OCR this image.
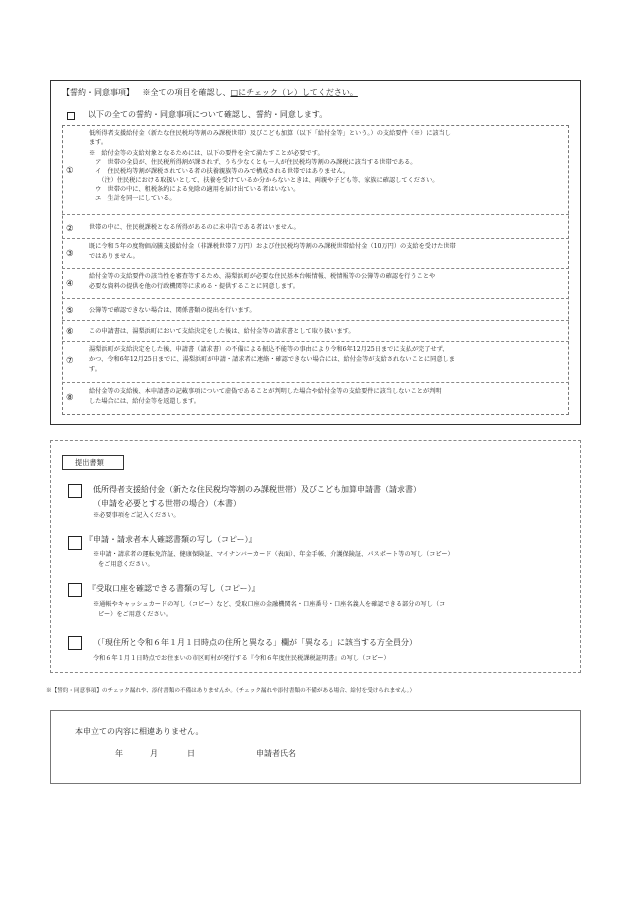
【誓約・同意事項】 ※全ての項目を確認し、□にチェック（レ）してください。
以下の全ての誓約・同意事項について確認し、誓約・同意します。
①
低所得者支援給付金（新たな住民税均等割のみ課税世帯）及びこども加算（以下「給付金等」という。）の支給要件（※）に該当し
ます。
※　給付金等の支給対象となるためには、以下の要件を全て満たすことが必要です。
　ア　世帯の全員が、住民税所得割が課されず、うち少なくとも一人が住民税均等割のみ課税に該当する世帯である。
　イ　住民税均等割が課税されている者の扶養親族等のみで構成される世帯ではありません。
　　（注）住民税における取扱いとして、扶養を受けているか分からないときは、両親や子ども等、家族に確認してください。
　ウ　世帯の中に、租税条約による免除の適用を届け出ている者はいない。
　エ　生計を同一にしている。
② 世帯の中に、住民税課税となる所得があるのに未申告である者はいません。
③
既に令和５年の度物価高騰支援給付金（非課税世帯７万円）および住民税均等割のみ課税世帯給付金（10万円）の支給を受けた世帯
ではありません。
④
給付金等の支給要件の該当性を審査等するため、湯梨浜町が必要な住民基本台帳情報、税情報等の公簿等の確認を行うことや
必要な資料の提供を他の行政機関等に求める・提供することに同意します。
⑤ 公簿等で確認できない場合は、関係書類の提出を行います。
⑥ この申請書は、湯梨浜町において支給決定をした後は、給付金等の請求書として取り扱います。
⑦
湯梨浜町が支給決定をした後、申請書（請求書）の不備による振込不能等の事由により令和6年12月25日までに支払が完了せず、
かつ、令和6年12月25日までに、湯梨浜町が申請・請求者に連絡・確認できない場合には、給付金等が支給されないことに同意しま
す。
⑧
給付金等の支給後、本申請書の記載事項について虚偽であることが判明した場合や給付金等の支給要件に該当しないことが判明
した場合には、給付金等を返還します。
提出書類
低所得者支援給付金（新たな住民税均等割のみ課税世帯）及びこども加算申請書（請求書）
（申請を必要とする世帯の場合）（本書）
※必要事項をご記入ください。
『申請・請求者本人確認書類の写し（コピー）』
※申請・請求者の運転免許証、健康保険証、マイナンバーカード（表面）、年金手帳、介護保険証、パスポート等の写し（コピー）
をご用意ください。
『受取口座を確認できる書類の写し（コピー）』
※通帳やキャッシュカードの写し（コピー）など、受取口座の金融機関名・口座番号・口座名義人を確認できる部分の写し（コ
ピー）をご用意ください。
（「現住所と令和６年１月１日時点の住所と異なる」欄が「異なる」に該当する方全員分）
令和６年１月１日時点でお住まいの市区町村が発行する『令和６年度住民税課税証明書』の写し（コピー）
※【誓約・同意事項】のチェック漏れや、添付書類の不備はありませんか。（チェック漏れや添付書類の不備がある場合、給付を受けられません。）
本申立ての内容に相違ありません。
年	月	日	申請者氏名
